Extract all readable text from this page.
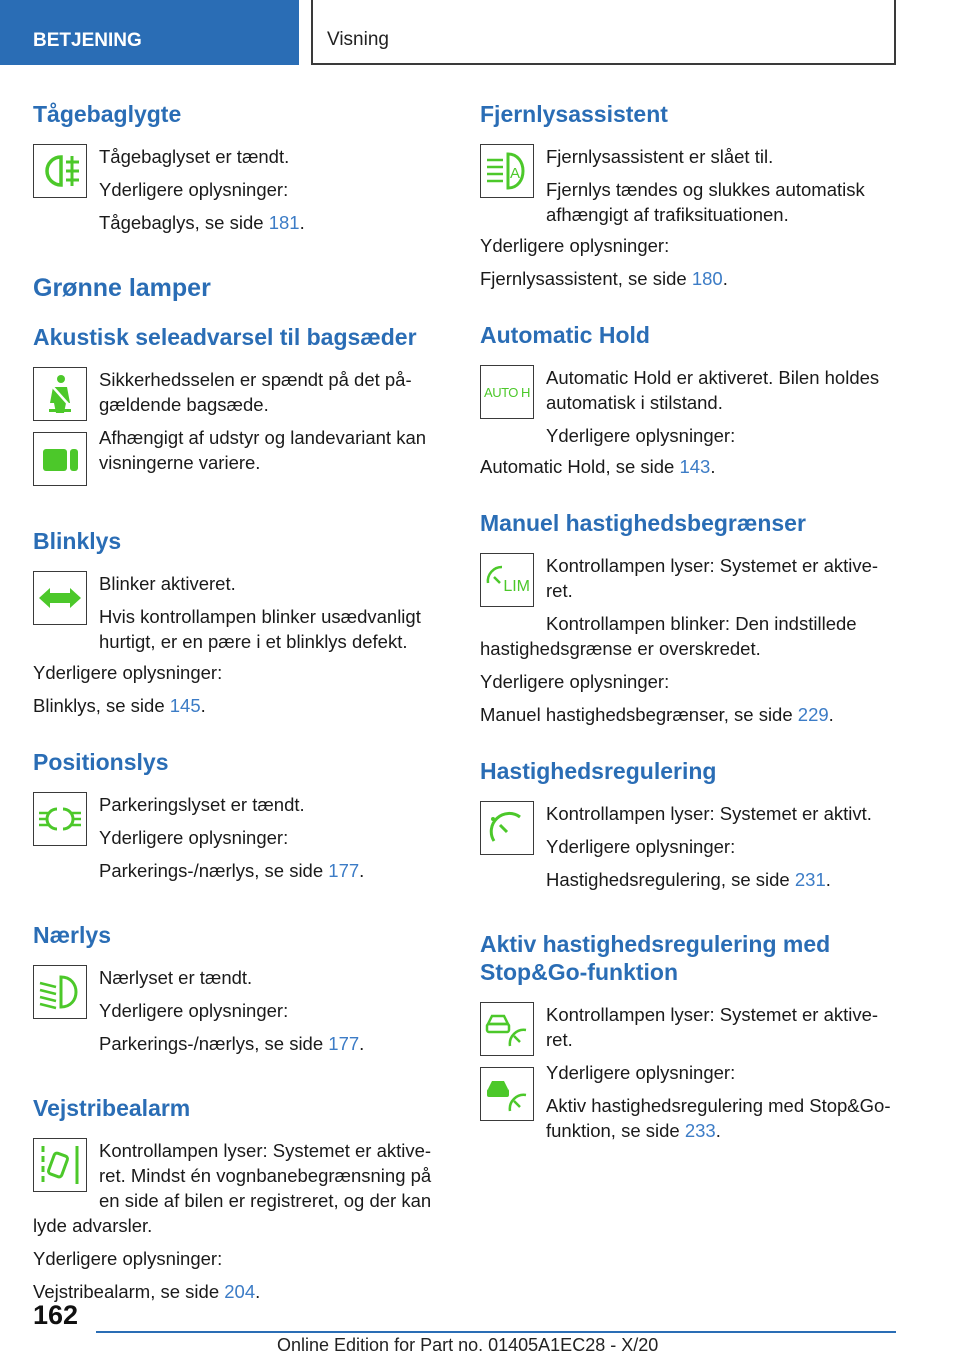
BETJENING	Visning
Tågebaglygte

Tågebaglyset er tændt.

Yderligere oplysninger:

Tågebaglys, se side 181.

Grønne lamper
Akustisk seleadvarsel til bagsæder

Sikkerhedsselen er spændt på det på-gældende bagsæde.

Afhængigt af udstyr og landevariant kan visningerne variere.

Blinklys

Blinker aktiveret.

Hvis kontrollampen blinker usædvanligt hurtigt, er en pære i et blinklys defekt.

Yderligere oplysninger:

Blinklys, se side 145.

Positionslys

Parkeringslyset er tændt.

Yderligere oplysninger:

Parkerings-/nærlys, se side 177.

Nærlys

Nærlyset er tændt.

Yderligere oplysninger:

Parkerings-/nærlys, se side 177.

Vejstribealarm

Kontrollampen lyser: Systemet er aktive-ret. Mindst én vognbanebegrænsning på en side af bilen er registreret, og der kan

lyde advarsler.

Yderligere oplysninger:

Vejstribealarm, se side 204.

Fjernlysassistent
A

Fjernlysassistent er slået til.

Fjernlys tændes og slukkes automatisk afhængigt af trafiksituationen.

Yderligere oplysninger:

Fjernlysassistent, se side 180.

Automatic Hold
AUTO H

Automatic Hold er aktiveret. Bilen holdes automatisk i stilstand.

Yderligere oplysninger:

Automatic Hold, se side 143.

Manuel hastighedsbegrænser
LIM

Kontrollampen lyser: Systemet er aktive-ret.

Kontrollampen blinker: Den indstillede

hastighedsgrænse er overskredet.

Yderligere oplysninger:

Manuel hastighedsbegrænser, se side 229.

Hastighedsregulering

Kontrollampen lyser: Systemet er aktivt.

Yderligere oplysninger:

Hastighedsregulering, se side 231.

Aktiv hastighedsregulering med Stop&Go-funktion

Kontrollampen lyser: Systemet er aktive-ret.

Yderligere oplysninger:

Aktiv hastighedsregulering med Stop&Go-funktion, se side 233.

162
Online Edition for Part no. 01405A1EC28 - X/20
